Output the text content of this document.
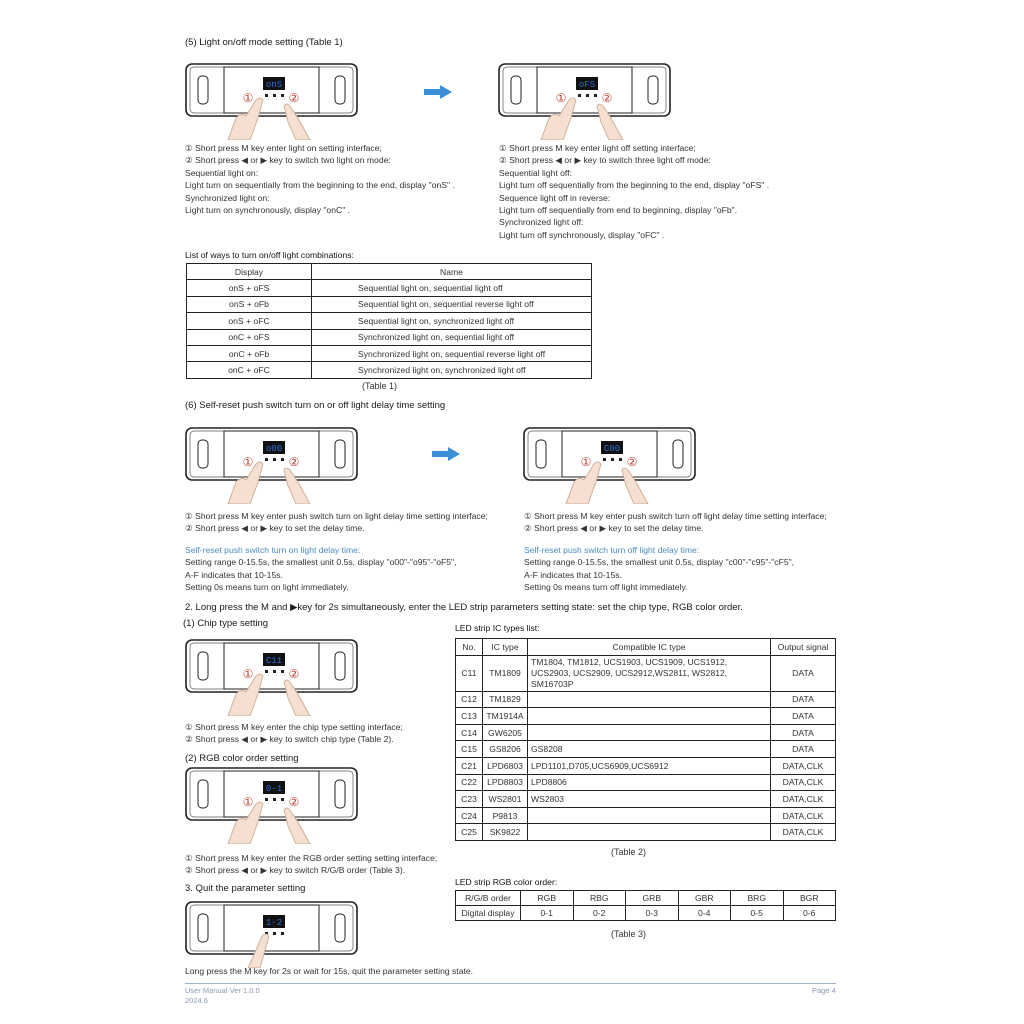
(5) Light on/off mode setting (Table 1)
onS
①	②
oFS
①	②
① Short press M key enter light on setting interface;
② Short press ◀ or ▶ key to switch two light on mode:
Sequential light on:
Light turn on sequentially from the beginning to the end, display "onS" .
Synchronized light on:
Light turn on synchronously, display "onC" .
① Short press M key enter light off setting interface;
② Short press ◀ or ▶ key to switch three light off mode:
Sequential light off:
Light turn off sequentially from the beginning to the end, display "oFS" .
Sequence light off in reverse:
Light turn off sequentially from end to beginning, display "oFb".
Synchronized light off:
Light turn off synchronously, display "oFC" .
List of ways to turn on/off light combinations:
Display	Name
onS + oFS	Sequential light on, sequential light off
onS + oFb	Sequential light on, sequential reverse light off
onS + oFC	Sequential light on, synchronized light off
onC + oFS	Synchronized light on, sequential light off
onC + oFb	Synchronized light on, sequential reverse light off
onC + oFC	Synchronized light on, synchronized light off
(Table 1)
(6) Self-reset push switch turn on or off light delay time setting
o00
①	②
C00
①	②
① Short press M key enter push switch turn on light delay time setting interface;
② Short press ◀ or ▶ key to set the delay time.
Self-reset push switch turn on light delay time:
Setting range 0-15.5s, the smallest unit 0.5s, display "o00"-"o95"-"oF5",
A-F indicates that 10-15s.
Setting 0s means turn on light immediately.
① Short press M key enter push switch turn off light delay time setting interface;
② Short press ◀ or ▶ key to set the delay time.
Self-reset push switch turn off light delay time:
Setting range 0-15.5s, the smallest unit 0.5s, display "c00"-"c95"-"cF5",
A-F indicates that 10-15s.
Setting 0s means turn off light immediately.
2. Long press the M and ▶key for 2s simultaneously, enter the LED strip parameters setting state: set the chip type, RGB color order.
(1) Chip type setting
C11
①	②
① Short press M key enter the chip type setting interface;
② Short press ◀ or ▶ key to switch chip type (Table 2).
(2) RGB color order setting
0-1
①	②
① Short press M key enter the RGB order setting setting interface;
② Short press ◀ or ▶ key to switch R/G/B order (Table 3).
3. Quit the parameter setting
1-2
Long press the M key for 2s or wait for 15s, quit the parameter setting state.
LED strip IC types list:
No.	IC type	Compatible IC type	Output signal
C11	TM1809	TM1804, TM1812, UCS1903, UCS1909, UCS1912, UCS2903, UCS2909, UCS2912,WS2811, WS2812, SM16703P	DATA
C12	TM1829		DATA
C13	TM1914A		DATA
C14	GW6205		DATA
C15	GS8206	GS8208	DATA
C21	LPD6803	LPD1101,D705,UCS6909,UCS6912	DATA,CLK
C22	LPD8803	LPD8806	DATA,CLK
C23	WS2801	WS2803	DATA,CLK
C24	P9813		DATA,CLK
C25	SK9822		DATA,CLK
(Table 2)
LED strip RGB color order:
R/G/B order	RGB	RBG	GRB	GBR	BRG	BGR
Digital display	0-1	0-2	0-3	0-4	0-5	0-6
(Table 3)
User Manual Ver 1.0.0
2024.6
Page 4
